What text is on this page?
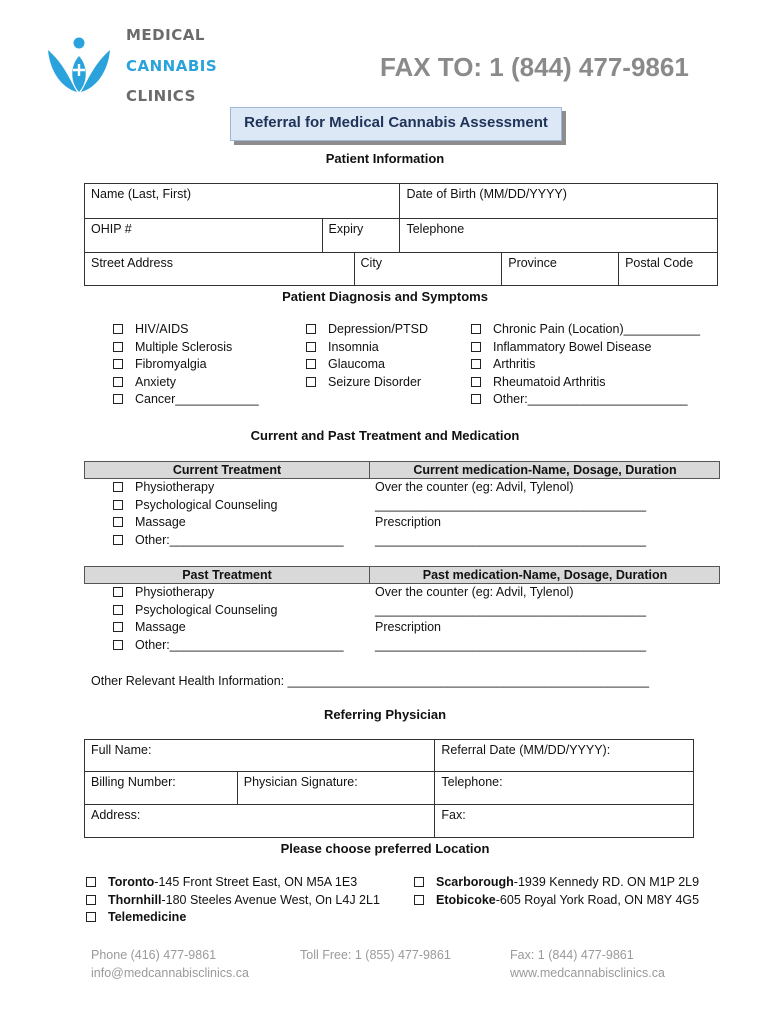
MEDICAL
CANNABIS
CLINICS
FAX TO: 1 (844) 477-9861
Referral for Medical Cannabis Assessment
Patient Information
Name (Last, First)			Date of Birth (MM/DD/YYYY)		
OHIP #	Expiry		Telephone		
Street Address		City		Province	Postal Code
Patient Diagnosis and Symptoms
HIV/AIDS
Multiple Sclerosis
Fibromyalgia
Anxiety
Cancer____________
Depression/PTSD
Insomnia
Glaucoma
Seizure Disorder
Chronic Pain (Location)___________
Inflammatory Bowel Disease
Arthritis
Rheumatoid Arthritis
Other:_______________________
Current and Past Treatment and Medication
Current Treatment	Current medication-Name, Dosage, Duration
Physiotherapy
Psychological Counseling
Massage
Other:_________________________
Over the counter (eg: Advil, Tylenol)
_______________________________________
Prescription
_______________________________________
Past Treatment	Past medication-Name, Dosage, Duration
Physiotherapy
Psychological Counseling
Massage
Other:_________________________
Over the counter (eg: Advil, Tylenol)
_______________________________________
Prescription
_______________________________________
Other Relevant Health Information: ____________________________________________________
Referring Physician
Full Name:		Referral Date (MM/DD/YYYY):
Billing Number:	Physician Signature:	Telephone:
Address:		Fax:
Please choose preferred Location
Toronto-145 Front Street East, ON M5A 1E3
Thornhill-180 Steeles Avenue West, On L4J 2L1
Telemedicine
Scarborough-1939 Kennedy RD. ON M1P 2L9
Etobicoke-605 Royal York Road, ON M8Y 4G5
Phone (416) 477-9861
info@medcannabisclinics.ca
Toll Free: 1 (855) 477-9861	Fax: 1 (844) 477-9861
www.medcannabisclinics.ca
